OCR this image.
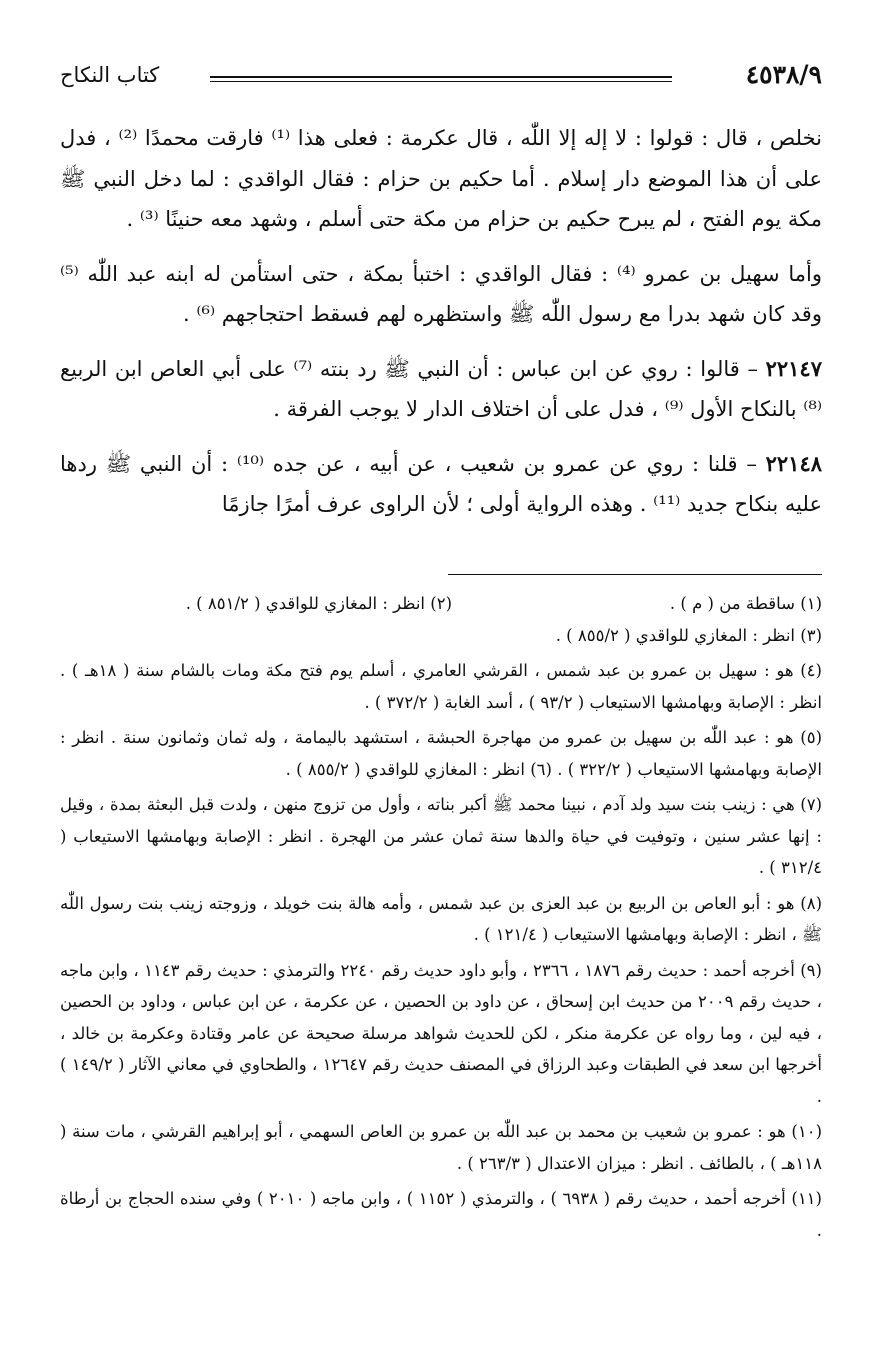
٤٥٣٨/٩
كتاب النكاح

نخلص ، قال : قولوا : لا إله إلا اللّٰه ، قال عكرمة : فعلى هذا ⁽¹⁾ فارقت محمدًا ⁽²⁾ ، فدل على أن هذا الموضع دار إسلام . أما حكيم بن حزام : فقال الواقدي : لما دخل النبي ﷺ مكة يوم الفتح ، لم يبرح حكيم بن حزام من مكة حتى أسلم ، وشهد معه حنينًا ⁽³⁾ .

وأما سهيل بن عمرو ⁽⁴⁾ : فقال الواقدي : اختبأ بمكة ، حتى استأمن له ابنه عبد اللّٰه ⁽⁵⁾ وقد كان شهد بدرا مع رسول اللّٰه ﷺ واستظهره لهم فسقط احتجاجهم ⁽⁶⁾ .

٢٢١٤٧ – قالوا : روي عن ابن عباس : أن النبي ﷺ رد بنته ⁽⁷⁾ على أبي العاص ابن الربيع ⁽⁸⁾ بالنكاح الأول ⁽⁹⁾ ، فدل على أن اختلاف الدار لا يوجب الفرقة .

٢٢١٤٨ – قلنا : روي عن عمرو بن شعيب ، عن أبيه ، عن جده ⁽¹⁰⁾ : أن النبي ﷺ ردها عليه بنكاح جديد ⁽¹¹⁾ . وهذه الرواية أولى ؛ لأن الراوى عرف أمرًا جازمًا

(١) ساقطة من ( م ) .
(٢) انظر : المغازي للواقدي ( ٨٥١/٢ ) .

(٣) انظر : المغازي للواقدي ( ٨٥٥/٢ ) .

(٤) هو : سهيل بن عمرو بن عبد شمس ، القرشي العامري ، أسلم يوم فتح مكة ومات بالشام سنة ( ١٨هـ ) . انظر : الإصابة وبهامشها الاستيعاب ( ٩٣/٢ ) ، أسد الغابة ( ٣٧٢/٢ ) .

(٥) هو : عبد اللّٰه بن سهيل بن عمرو من مهاجرة الحبشة ، استشهد باليمامة ، وله ثمان وثمانون سنة . انظر : الإصابة وبهامشها الاستيعاب ( ٣٢٢/٢ ) . (٦) انظر : المغازي للواقدي ( ٨٥٥/٢ ) .

(٧) هي : زينب بنت سيد ولد آدم ، نبينا محمد ﷺ أكبر بناته ، وأول من تزوج منهن ، ولدت قبل البعثة بمدة ، وقيل : إنها عشر سنين ، وتوفيت في حياة والدها سنة ثمان عشر من الهجرة . انظر : الإصابة وبهامشها الاستيعاب ( ٣١٢/٤ ) .

(٨) هو : أبو العاص بن الربيع بن عبد العزى بن عبد شمس ، وأمه هالة بنت خويلد ، وزوجته زينب بنت رسول اللّٰه ﷺ ، انظر : الإصابة وبهامشها الاستيعاب ( ١٢١/٤ ) .

(٩) أخرجه أحمد : حديث رقم ١٨٧٦ ، ٢٣٦٦ ، وأبو داود حديث رقم ٢٢٤٠ والترمذي : حديث رقم ١١٤٣ ، وابن ماجه ، حديث رقم ٢٠٠٩ من حديث ابن إسحاق ، عن داود بن الحصين ، عن عكرمة ، عن ابن عباس ، وداود بن الحصين ، فيه لين ، وما رواه عن عكرمة منكر ، لكن للحديث شواهد مرسلة صحيحة عن عامر وقتادة وعكرمة بن خالد ، أخرجها ابن سعد في الطبقات وعبد الرزاق في المصنف حديث رقم ١٢٦٤٧ ، والطحاوي في معاني الآثار ( ١٤٩/٢ ) .

(١٠) هو : عمرو بن شعيب بن محمد بن عبد اللّٰه بن عمرو بن العاص السهمي ، أبو إبراهيم القرشي ، مات سنة ( ١١٨هـ ) ، بالطائف . انظر : ميزان الاعتدال ( ٢٦٣/٣ ) .

(١١) أخرجه أحمد ، حديث رقم ( ٦٩٣٨ ) ، والترمذي ( ١١٥٢ ) ، وابن ماجه ( ٢٠١٠ ) وفي سنده الحجاج بن أرطاة .
